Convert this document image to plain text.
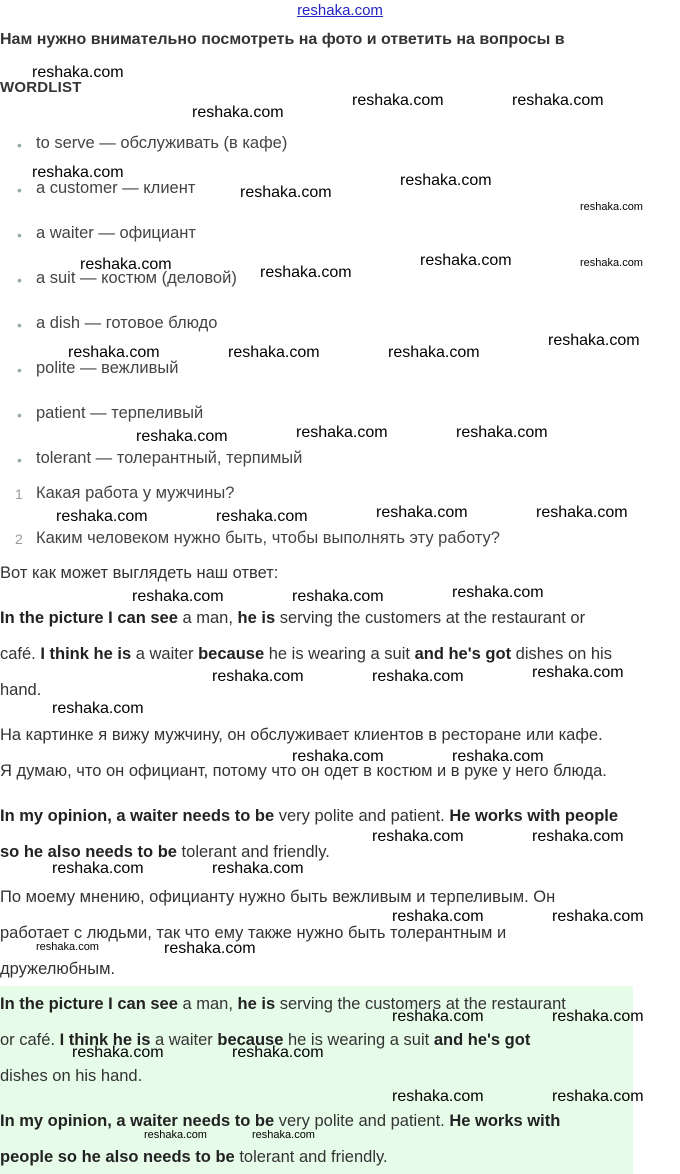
reshaka.com
Нам нужно внимательно посмотреть на фото и ответить на вопросы в
WORDLIST
• to serve — обслуживать (в кафе)
• a customer — клиент
• a waiter — официант
• a suit — костюм (деловой)
• a dish — готовое блюдо
• polite — вежливый
• patient — терпеливый
• tolerant — толерантный, терпимый
1 Какая работа у мужчины?
2 Каким человеком нужно быть, чтобы выполнять эту работу?
Вот как может выглядеть наш ответ:
In the picture I can see a man, he is serving the customers at the restaurant or
café. I think he is a waiter because he is wearing a suit and he's got dishes on his
hand.
На картинке я вижу мужчину, он обслуживает клиентов в ресторане или кафе.
Я думаю, что он официант, потому что он одет в костюм и в руке у него блюда.
In my opinion, a waiter needs to be very polite and patient. He works with people
so he also needs to be tolerant and friendly.
По моему мнению, официанту нужно быть вежливым и терпеливым. Он
работает с людьми, так что ему также нужно быть толерантным и
дружелюбным.
In the picture I can see a man, he is serving the customers at the restaurant
or café. I think he is a waiter because he is wearing a suit and he's got
dishes on his hand.
In my opinion, a waiter needs to be very polite and patient. He works with
people so he also needs to be tolerant and friendly.
reshaka.com
reshaka.com
reshaka.com	reshaka.com
reshaka.com
reshaka.com
reshaka.com
reshaka.com
reshaka.com	reshaka.com
reshaka.com	reshaka.com
reshaka.com
reshaka.com	reshaka.com	reshaka.com
reshaka.com	reshaka.com	reshaka.com
reshaka.com	reshaka.com	reshaka.com	reshaka.com
reshaka.com	reshaka.com	reshaka.com
reshaka.com	reshaka.com	reshaka.com
reshaka.com
reshaka.com	reshaka.com
reshaka.com	reshaka.com
reshaka.com	reshaka.com
reshaka.com	reshaka.com
reshaka.com	reshaka.com
reshaka.com	reshaka.com
reshaka.com	reshaka.com
reshaka.com	reshaka.com
reshaka.com	reshaka.com
